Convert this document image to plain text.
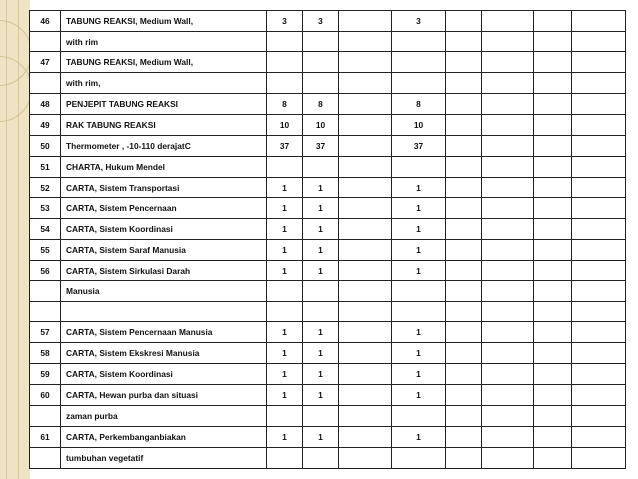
46	TABUNG REAKSI, Medium Wall,	3	3		3				
	with rim								
47	TABUNG REAKSI, Medium Wall,								
	with rim,								
48	PENJEPIT TABUNG REAKSI	8	8		8				
49	RAK TABUNG REAKSI	10	10		10				
50	Thermometer , -10-110 derajatC	37	37		37				
51	CHARTA, Hukum Mendel								
52	CARTA, Sistem Transportasi	1	1		1				
53	CARTA, Sistem Pencernaan	1	1		1				
54	CARTA, Sistem Koordinasi	1	1		1				
55	CARTA, Sistem Saraf Manusia	1	1		1				
56	CARTA, Sistem Sirkulasi Darah	1	1		1				
	Manusia								

57	CARTA, Sistem Pencernaan Manusia	1	1		1				
58	CARTA, Sistem Ekskresi Manusia	1	1		1				
59	CARTA, Sistem Koordinasi	1	1		1				
60	CARTA, Hewan purba dan situasi	1	1		1				
	zaman purba								
61	CARTA, Perkembanganbiakan	1	1		1				
	tumbuhan vegetatif								
